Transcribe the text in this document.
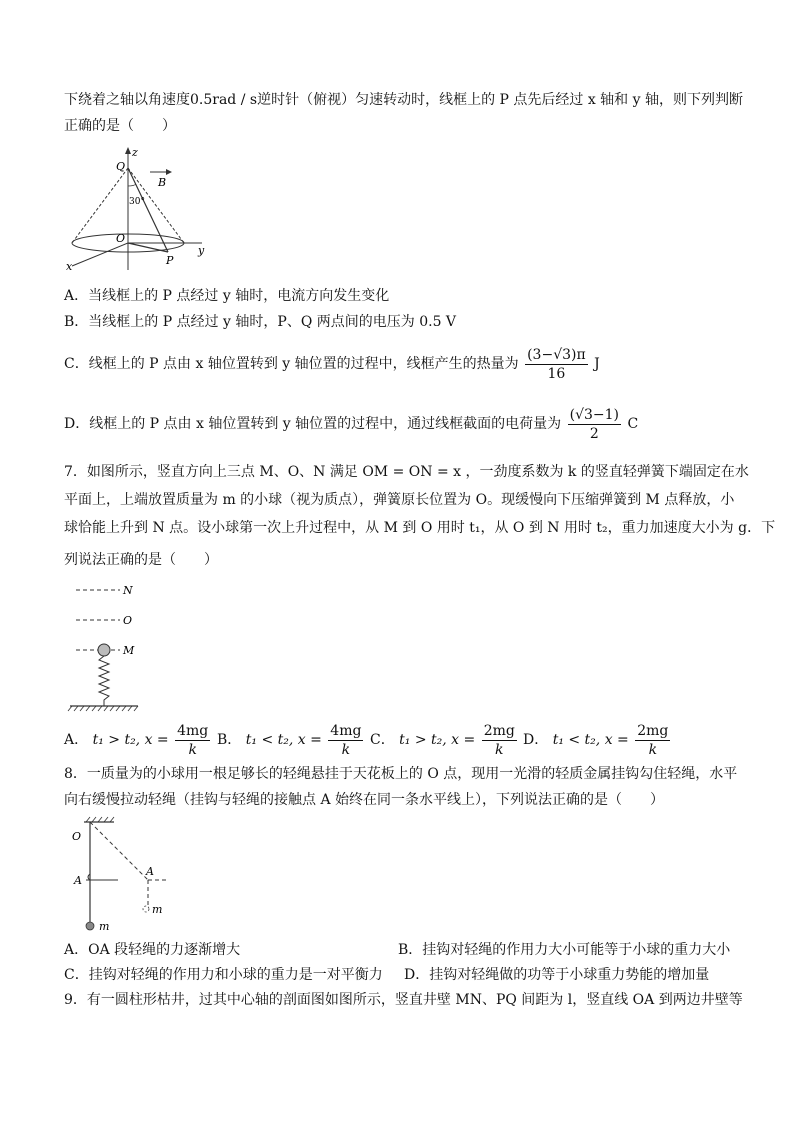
下绕着之轴以角速度0.5rad / s逆时针（俯视）匀速转动时，线框上的 P 点先后经过 x 轴和 y 轴，则下列判断
正确的是（　　）
Q
z
B
30°
O
y
x	P
A．当线框上的 P 点经过 y 轴时，电流方向发生变化
B．当线框上的 P 点经过 y 轴时，P、Q 两点间的电压为 0.5 V
C．线框上的 P 点由 x 轴位置转到 y 轴位置的过程中，线框产生的热量为 $\frac{(3-√3)\pi}{16}$ J
D．线框上的 P 点由 x 轴位置转到 y 轴位置的过程中，通过线框截面的电荷量为 $\frac{(√3-1)}{2}$ C
7．如图所示，竖直方向上三点 M、O、N 满足 OM = ON = x ，一劲度系数为 k 的竖直轻弹簧下端固定在水
平面上，上端放置质量为 m 的小球（视为质点），弹簧原长位置为 O。现缓慢向下压缩弹簧到 M 点释放，小
球恰能上升到 N 点。设小球第一次上升过程中，从 M 到 O 用时 t₁，从 O 到 N 用时 t₂，重力加速度大小为 g．下
列说法正确的是（　　）
N
O
M
A． t₁ > t₂, $x = \frac{4mg}{k}$ B． t₁ < t₂, $x = \frac{4mg}{k}$ C． t₁ > t₂, $x = \frac{2mg}{k}$ D． t₁ < t₂, $x = \frac{2mg}{k}$
8．一质量为的小球用一根足够长的轻绳悬挂于天花板上的 O 点，现用一光滑的轻质金属挂钩勾住轻绳，水平
向右缓慢拉动轻绳（挂钩与轻绳的接触点 A 始终在同一条水平线上），下列说法正确的是（　　）
O
A
A
m
m
A．OA 段轻绳的力逐渐增大	B．挂钩对轻绳的作用力大小可能等于小球的重力大小
C．挂钩对轻绳的作用力和小球的重力是一对平衡力 D．挂钩对轻绳做的功等于小球重力势能的增加量
9．有一圆柱形枯井，过其中心轴的剖面图如图所示，竖直井壁 MN、PQ 间距为 l，竖直线 OA 到两边井壁等
